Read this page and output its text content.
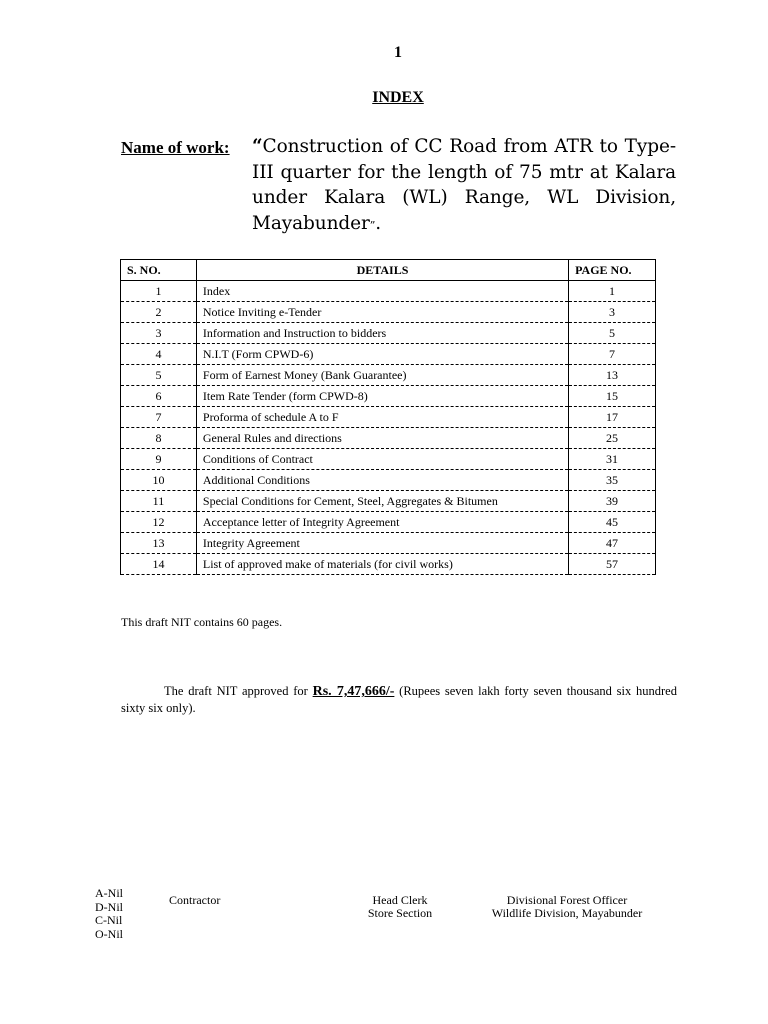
1
INDEX
Name of work: “Construction of CC Road from ATR to Type-III quarter for the length of 75 mtr at Kalara under Kalara (WL) Range, WL Division, Mayabunder”.
S. NO.	DETAILS	PAGE NO.
1	Index	1
2	Notice Inviting e-Tender	3
3	Information and Instruction to bidders	5
4	N.I.T (Form CPWD-6)	7
5	Form of Earnest Money (Bank Guarantee)	13
6	Item Rate Tender (form CPWD-8)	15
7	Proforma of schedule A to F	17
8	General Rules and directions	25
9	Conditions of Contract	31
10	Additional Conditions	35
11	Special Conditions for Cement, Steel, Aggregates & Bitumen	39
12	Acceptance letter of Integrity Agreement	45
13	Integrity Agreement	47
14	List of approved make of materials (for civil works)	57
This draft NIT contains 60 pages.
The draft NIT approved for Rs. 7,47,666/- (Rupees seven lakh forty seven thousand six hundred sixty six only).
A-Nil
D-Nil
C-Nil
O-Nil
Contractor	Head Clerk
Store Section
Divisional Forest Officer
Wildlife Division, Mayabunder
